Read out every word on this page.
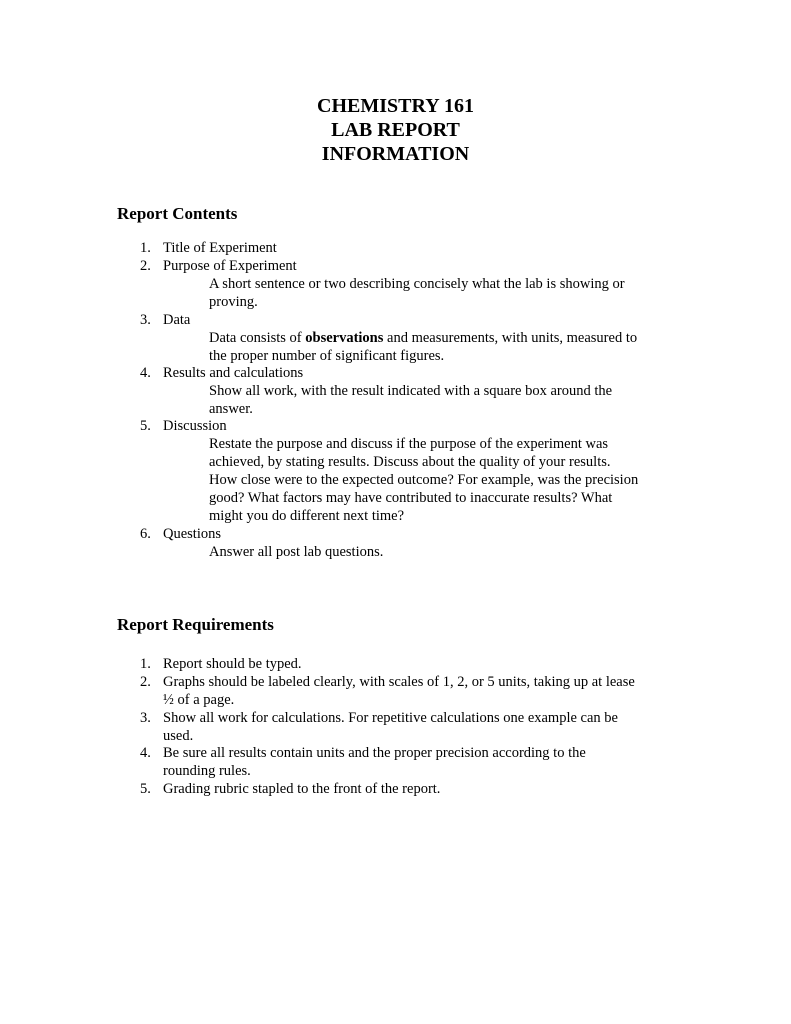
CHEMISTRY 161
LAB REPORT
INFORMATION
Report Contents
1. Title of Experiment
2. Purpose of Experiment
A short sentence or two describing concisely what the lab is showing or
proving.
3. Data
Data consists of observations and measurements, with units, measured to
the proper number of significant figures.
4. Results and calculations
Show all work, with the result indicated with a square box around the
answer.
5. Discussion
Restate the purpose and discuss if the purpose of the experiment was
achieved, by stating results. Discuss about the quality of your results.
How close were to the expected outcome? For example, was the precision
good? What factors may have contributed to inaccurate results? What
might you do different next time?
6. Questions
Answer all post lab questions.
Report Requirements
1. Report should be typed.
2. Graphs should be labeled clearly, with scales of 1, 2, or 5 units, taking up at lease
½ of a page.
3. Show all work for calculations. For repetitive calculations one example can be
used.
4. Be sure all results contain units and the proper precision according to the
rounding rules.
5. Grading rubric stapled to the front of the report.
